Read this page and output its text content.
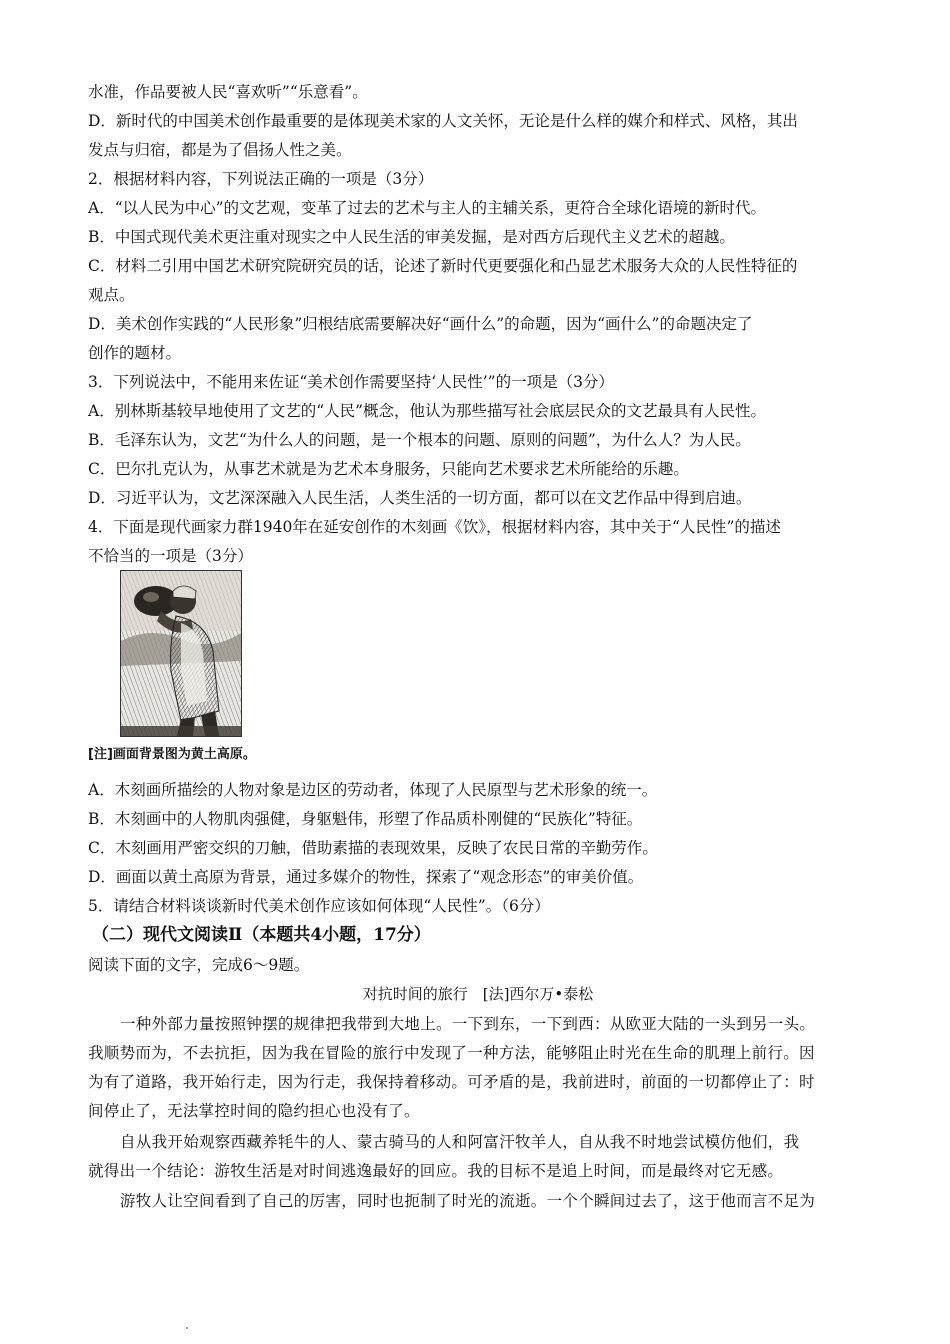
水准，作品要被人民“喜欢听”“乐意看”。
D．新时代的中国美术创作最重要的是体现美术家的人文关怀，无论是什么样的媒介和样式、风格，其出
发点与归宿，都是为了倡扬人性之美。
2．根据材料内容，下列说法正确的一项是（3分）
A．“以人民为中心”的文艺观，变革了过去的艺术与主人的主辅关系，更符合全球化语境的新时代。
B．中国式现代美术更注重对现实之中人民生活的审美发掘，是对西方后现代主义艺术的超越。
C．材料二引用中国艺术研究院研究员的话，论述了新时代更要强化和凸显艺术服务大众的人民性特征的
观点。
D．美术创作实践的“人民形象”归根结底需要解决好“画什么”的命题，因为“画什么”的命题决定了
创作的题材。
3．下列说法中，不能用来佐证“美术创作需要坚持‘人民性’”的一项是（3分）
A．别林斯基较早地使用了文艺的“人民”概念，他认为那些描写社会底层民众的文艺最具有人民性。
B．毛泽东认为，文艺“为什么人的问题，是一个根本的问题、原则的问题”，为什么人？为人民。
C．巴尔扎克认为，从事艺术就是为艺术本身服务，只能向艺术要求艺术所能给的乐趣。
D．习近平认为，文艺深深融入人民生活，人类生活的一切方面，都可以在文艺作品中得到启迪。
4．下面是现代画家力群1940年在延安创作的木刻画《饮》，根据材料内容，其中关于“人民性”的描述
不恰当的一项是（3分）
[注]画面背景图为黄土高原。
A．木刻画所描绘的人物对象是边区的劳动者，体现了人民原型与艺术形象的统一。
B．木刻画中的人物肌肉强健，身躯魁伟，形塑了作品质朴刚健的“民族化”特征。
C．木刻画用严密交织的刀触，借助素描的表现效果，反映了农民日常的辛勤劳作。
D．画面以黄土高原为背景，通过多媒介的物性，探索了“观念形态”的审美价值。
5．请结合材料谈谈新时代美术创作应该如何体现“人民性”。（6分）
（二）现代文阅读Ⅱ（本题共4小题，17分）
阅读下面的文字，完成6～9题。
对抗时间的旅行　[法]西尔万•泰松
一种外部力量按照钟摆的规律把我带到大地上。一下到东，一下到西：从欧亚大陆的一头到另一头。
我顺势而为，不去抗拒，因为我在冒险的旅行中发现了一种方法，能够阻止时光在生命的肌理上前行。因
为有了道路，我开始行走，因为行走，我保持着移动。可矛盾的是，我前进时，前面的一切都停止了：时
间停止了，无法掌控时间的隐约担心也没有了。
自从我开始观察西藏养牦牛的人、蒙古骑马的人和阿富汗牧羊人，自从我不时地尝试模仿他们，我
就得出一个结论：游牧生活是对时间逃逸最好的回应。我的目标不是追上时间，而是最终对它无感。
游牧人让空间看到了自己的厉害，同时也扼制了时光的流逝。一个个瞬间过去了，这于他而言不足为
